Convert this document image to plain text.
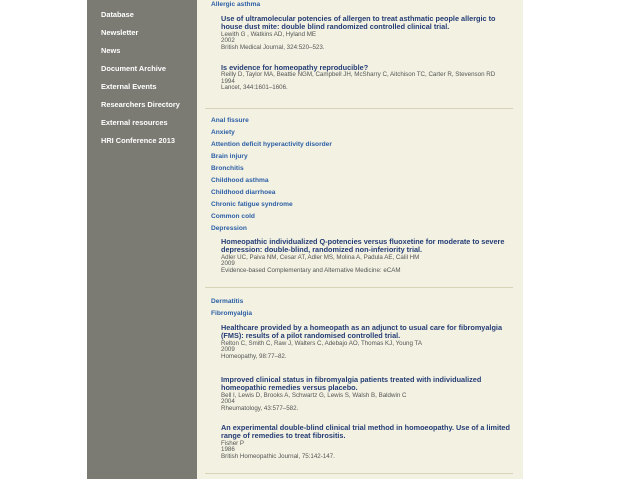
Database
Newsletter
News
Document Archive
External Events
Researchers Directory
External resources
HRI Conference 2013
Allergic asthma
Use of ultramolecular potencies of allergen to treat asthmatic people allergic to house dust mite: double blind randomized controlled clinical trial.
Lewith G , Watkins AD, Hyland ME
2002
British Medical Journal, 324:520–523.
Is evidence for homeopathy reproducible?
Reilly D, Taylor MA, Beattie NGM, Campbell JH, McSharry C, Aitchison TC, Carter R, Stevenson RD
1994
Lancet, 344:1601–1606.
Anal fissure
Anxiety
Attention deficit hyperactivity disorder
Brain injury
Bronchitis
Childhood asthma
Childhood diarrhoea
Chronic fatigue syndrome
Common cold
Depression
Homeopathic individualized Q-potencies versus fluoxetine for moderate to severe depression: double-blind, randomized non-inferiority trial.
Adler UC, Paiva NM, Cesar AT, Adler MS, Molina A, Padula AE, Calil HM
2009
Evidence-based Complementary and Alternative Medicine: eCAM
Dermatitis
Fibromyalgia
Healthcare provided by a homeopath as an adjunct to usual care for fibromyalgia (FMS): results of a pilot randomised controlled trial.
Relton C, Smith C, Raw J, Walters C, Adebajo AO, Thomas KJ, Young TA
2009
Homeopathy, 98:77–82.
Improved clinical status in fibromyalgia patients treated with individualized homeopathic remedies versus placebo.
Bell I, Lewis D, Brooks A, Schwartz G, Lewis S, Walsh B, Baldwin C
2004
Rheumatology, 43:577–582.
An experimental double-blind clinical trial method in homoeopathy. Use of a limited range of remedies to treat fibrositis.
Fisher P
1986
British Homeopathic Journal, 75:142-147.
